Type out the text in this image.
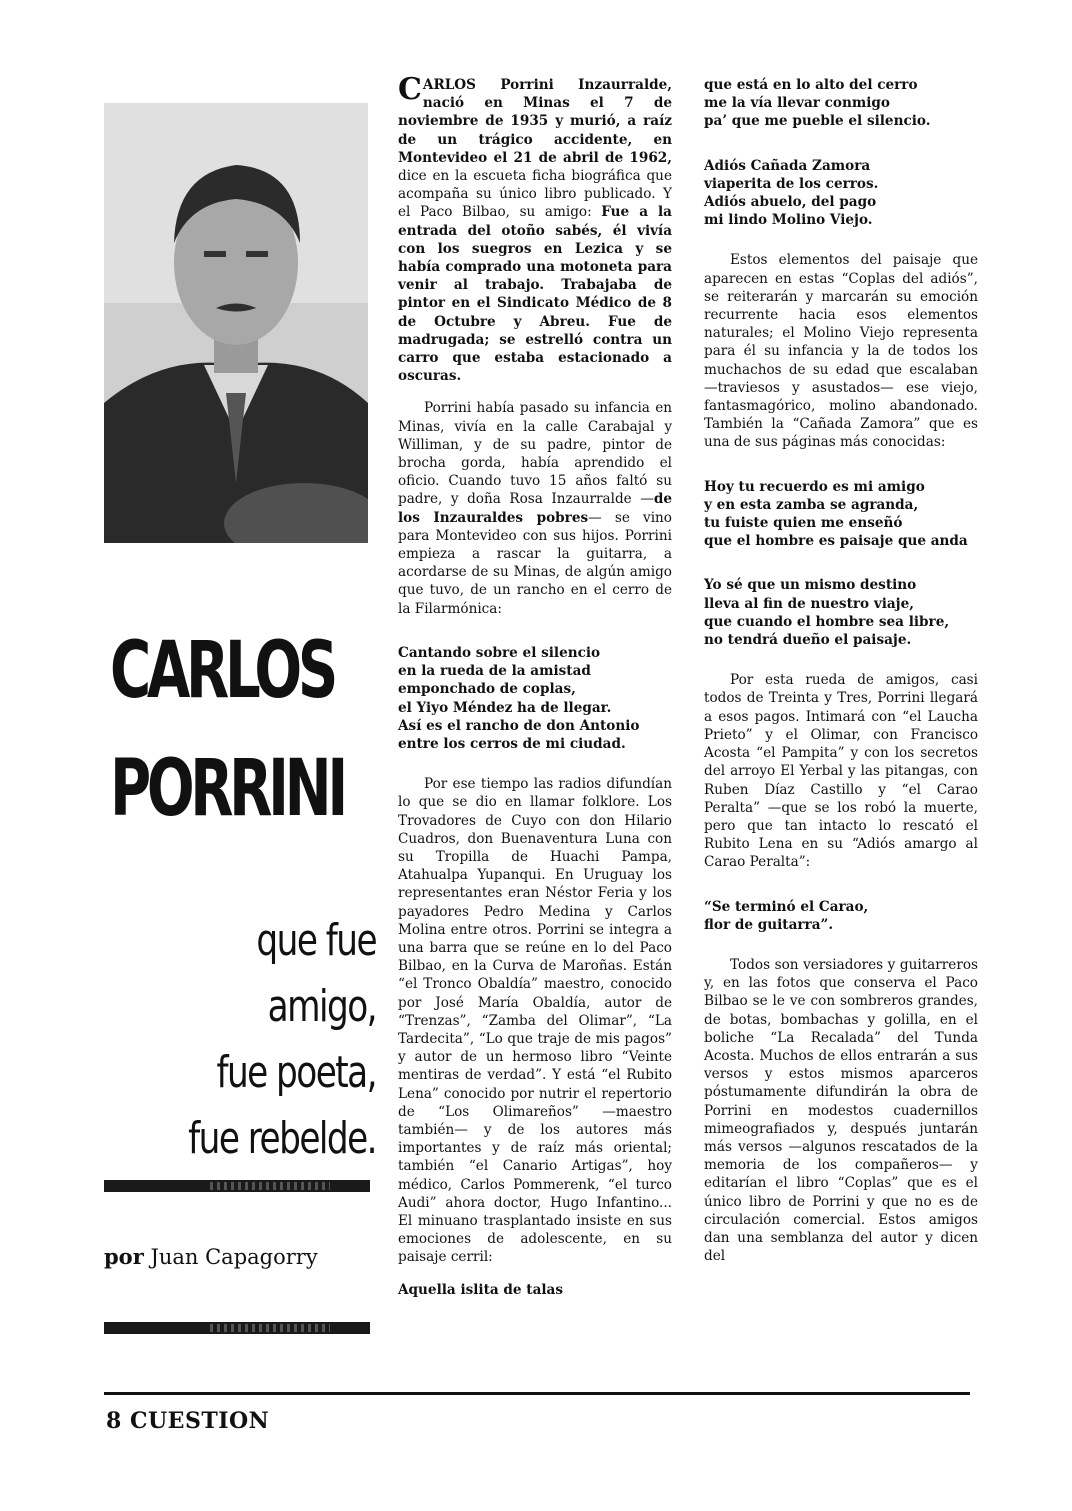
CARLOS
PORRINI
que fue amigo,
fue poeta,
fue rebelde.
por Juan Capagorry

CARLOS Porrini Inzaurralde, nació en Minas el 7 de noviembre de 1935 y murió, a raíz de un trágico accidente, en Montevideo el 21 de abril de 1962, dice en la escueta ficha biográfica que acompaña su único libro publicado. Y el Paco Bilbao, su amigo: Fue a la entrada del otoño sabés, él vivía con los suegros en Lezica y se había comprado una motoneta para venir al trabajo. Trabajaba de pintor en el Sindicato Médico de 8 de Octubre y Abreu. Fue de madrugada; se estrelló contra un carro que estaba estacionado a oscuras.

Porrini había pasado su infancia en Minas, vivía en la calle Carabajal y Williman, y de su padre, pintor de brocha gorda, había aprendido el oficio. Cuando tuvo 15 años faltó su padre, y doña Rosa Inzaurralde —de los Inzauraldes pobres— se vino para Montevideo con sus hijos. Porrini empieza a rascar la guitarra, a acordarse de su Minas, de algún amigo que tuvo, de un rancho en el cerro de la Filarmónica:

Cantando sobre el silencio
en la rueda de la amistad
emponchado de coplas,
el Yiyo Méndez ha de llegar.
Así es el rancho de don Antonio
entre los cerros de mi ciudad.

Por ese tiempo las radios difundían lo que se dio en llamar folklore. Los Trovadores de Cuyo con don Hilario Cuadros, don Buenaventura Luna con su Tropilla de Huachi Pampa, Atahualpa Yupanqui. En Uruguay los representantes eran Néstor Feria y los payadores Pedro Medina y Carlos Molina entre otros. Porrini se integra a una barra que se reúne en lo del Paco Bilbao, en la Curva de Maroñas. Están “el Tronco Obaldía” maestro, conocido por José María Obaldía, autor de “Trenzas”, “Zamba del Olimar”, “La Tardecita”, “Lo que traje de mis pagos” y autor de un hermoso libro “Veinte mentiras de verdad”. Y está “el Rubito Lena” conocido por nutrir el repertorio de “Los Olimareños” —maestro también— y de los autores más importantes y de raíz más oriental; también “el Canario Artigas”, hoy médico, Carlos Pommerenk, “el turco Audi” ahora doctor, Hugo Infantino... El minuano trasplantado insiste en sus emociones de adolescente, en su paisaje cerril:

Aquella islita de talas
que está en lo alto del cerro
me la vía llevar conmigo
pa’ que me pueble el silencio.
Adiós Cañada Zamora
viaperita de los cerros.
Adiós abuelo, del pago
mi lindo Molino Viejo.

Estos elementos del paisaje que aparecen en estas “Coplas del adiós”, se reiterarán y marcarán su emoción recurrente hacia esos elementos naturales; el Molino Viejo representa para él su infancia y la de todos los muchachos de su edad que escalaban —traviesos y asustados— ese viejo, fantasmagórico, molino abandonado. También la “Cañada Zamora” que es una de sus páginas más conocidas:

Hoy tu recuerdo es mi amigo
y en esta zamba se agranda,
tu fuiste quien me enseñó
que el hombre es paisaje que anda
Yo sé que un mismo destino
lleva al fin de nuestro viaje,
que cuando el hombre sea libre,
no tendrá dueño el paisaje.

Por esta rueda de amigos, casi todos de Treinta y Tres, Porrini llegará a esos pagos. Intimará con “el Laucha Prieto” y el Olimar, con Francisco Acosta “el Pampita” y con los secretos del arroyo El Yerbal y las pitangas, con Ruben Díaz Castillo y “el Carao Peralta” —que se los robó la muerte, pero que tan intacto lo rescató el Rubito Lena en su “Adiós amargo al Carao Peralta”:

“Se terminó el Carao,
flor de guitarra”.

Todos son versiadores y guitarreros y, en las fotos que conserva el Paco Bilbao se le ve con sombreros grandes, de botas, bombachas y golilla, en el boliche “La Recalada” del Tunda Acosta. Muchos de ellos entrarán a sus versos y estos mismos aparceros póstumamente difundirán la obra de Porrini en modestos cuadernillos mimeografiados y, después juntarán más versos —algunos rescatados de la memoria de los compañeros— y editarían el libro “Coplas” que es el único libro de Porrini y que no es de circulación comercial. Estos amigos dan una semblanza del autor y dicen del

8 CUESTION
